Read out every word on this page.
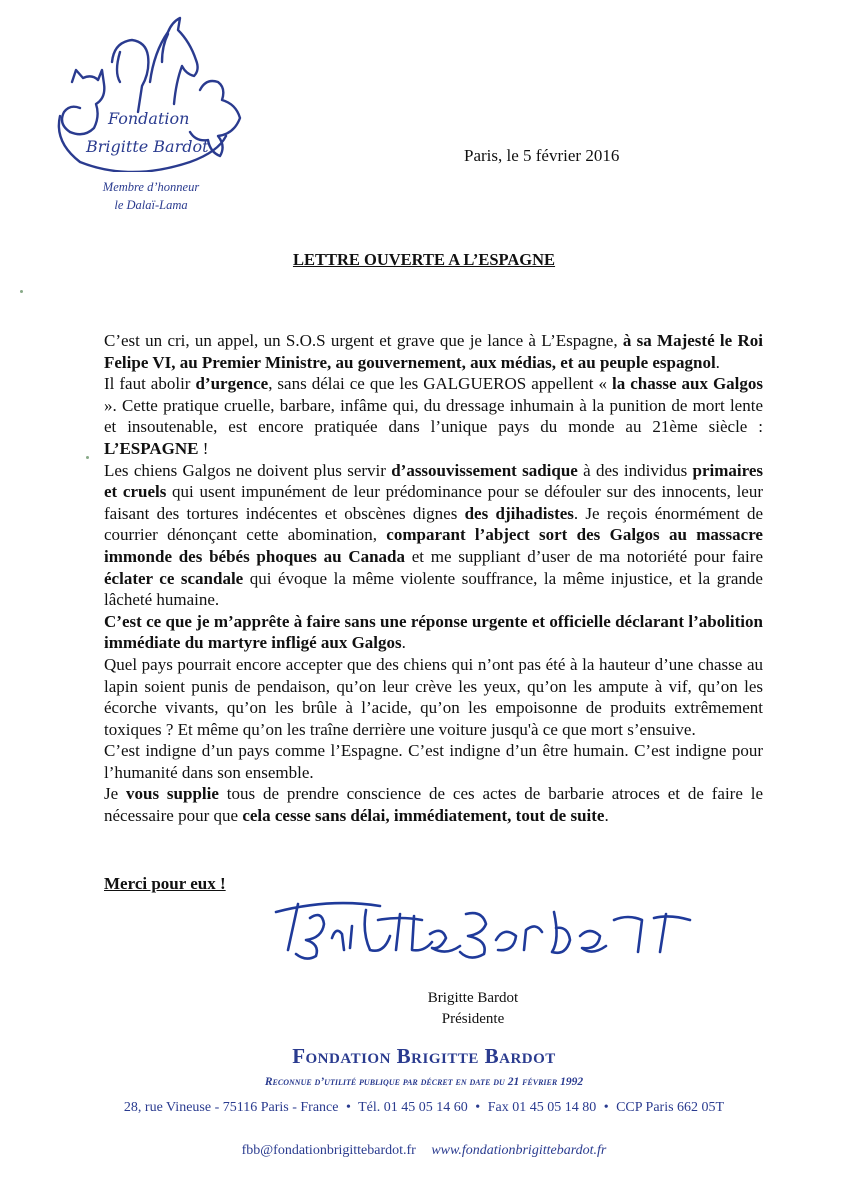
Fondation
Brigitte Bardot
Membre d’honneur
le Dalaï-Lama
Paris, le 5 février 2016
LETTRE OUVERTE A L’ESPAGNE

C’est un cri, un appel, un S.O.S urgent et grave que je lance à L’Espagne, à sa Majesté le Roi Felipe VI, au Premier Ministre, au gouvernement, aux médias, et au peuple espagnol.

Il faut abolir d’urgence, sans délai ce que les GALGUEROS appellent « la chasse aux Galgos ». Cette pratique cruelle, barbare, infâme qui, du dressage inhumain à la punition de mort lente et insoutenable, est encore pratiquée dans l’unique pays du monde au 21ème siècle : L’ESPAGNE !

Les chiens Galgos ne doivent plus servir d’assouvissement sadique à des individus primaires et cruels qui usent impunément de leur prédominance pour se défouler sur des innocents, leur faisant des tortures indécentes et obscènes dignes des djihadistes. Je reçois énormément de courrier dénonçant cette abomination, comparant l’abject sort des Galgos au massacre immonde des bébés phoques au Canada et me suppliant d’user de ma notoriété pour faire éclater ce scandale qui évoque la même violente souffrance, la même injustice, et la grande lâcheté humaine.

C’est ce que je m’apprête à faire sans une réponse urgente et officielle déclarant l’abolition immédiate du martyre infligé aux Galgos.

Quel pays pourrait encore accepter que des chiens qui n’ont pas été à la hauteur d’une chasse au lapin soient punis de pendaison, qu’on leur crève les yeux, qu’on les ampute à vif, qu’on les écorche vivants, qu’on les brûle à l’acide, qu’on les empoisonne de produits extrêmement toxiques ? Et même qu’on les traîne derrière une voiture jusqu'à ce que mort s’ensuive.

C’est indigne d’un pays comme l’Espagne. C’est indigne d’un être humain. C’est indigne pour l’humanité dans son ensemble.

Je vous supplie tous de prendre conscience de ces actes de barbarie atroces et de faire le nécessaire pour que cela cesse sans délai, immédiatement, tout de suite.

Merci pour eux !
Brigitte Bardot
Présidente
Fondation Brigitte Bardot
Reconnue d’utilité publique par décret en date du 21 février 1992
28, rue Vineuse - 75116 Paris - France • Tél. 01 45 05 14 60 • Fax 01 45 05 14 80 • CCP Paris 662 05T
fbb@fondationbrigittebardot.fr www.fondationbrigittebardot.fr
